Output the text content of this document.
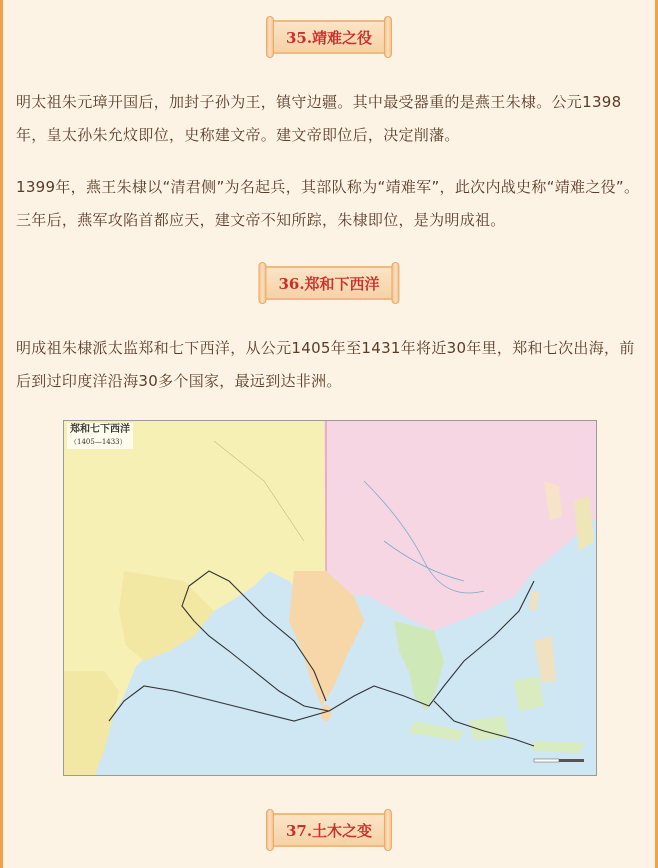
35.靖难之役
明太祖朱元璋开国后，加封子孙为王，镇守边疆。其中最受器重的是燕王朱棣。公元1398年，皇太孙朱允炆即位，史称建文帝。建文帝即位后，决定削藩。
1399年，燕王朱棣以“清君侧”为名起兵，其部队称为“靖难军”，此次内战史称“靖难之役”。三年后，燕军攻陷首都应天，建文帝不知所踪，朱棣即位，是为明成祖。
36.郑和下西洋
明成祖朱棣派太监郑和七下西洋，从公元1405年至1431年将近30年里，郑和七次出海，前后到过印度洋沿海30多个国家，最远到达非洲。
郑和七下西洋
（1405—1433）
37.土木之变
